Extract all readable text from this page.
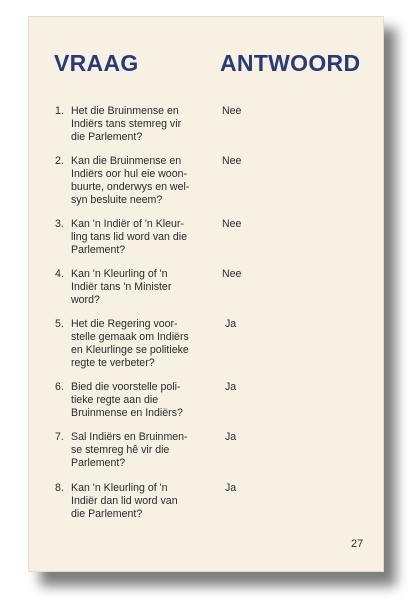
VRAAG	ANTWOORD
1. Het die Bruinmense en
Indiërs tans stemreg vir
die Parlement?
Nee
2. Kan die Bruinmense en
Indiërs oor hul eie woon-
buurte, onderwys en wel-
syn besluite neem?
Nee
3. Kan 'n Indiër of 'n Kleur-
ling tans lid word van die
Parlement?
Nee
4. Kan 'n Kleurling of 'n
Indiër tans 'n Minister
word?
Nee
5. Het die Regering voor-
stelle gemaak om Indiërs
en Kleurlinge se politieke
regte te verbeter?
Ja
6. Bied die voorstelle poli-
tieke regte aan die
Bruinmense en Indiërs?
Ja
7. Sal Indiërs en Bruinmen-
se stemreg hê vir die
Parlement?
Ja
8. Kan 'n Kleurling of 'n
Indiër dan lid word van
die Parlement?
Ja
27
